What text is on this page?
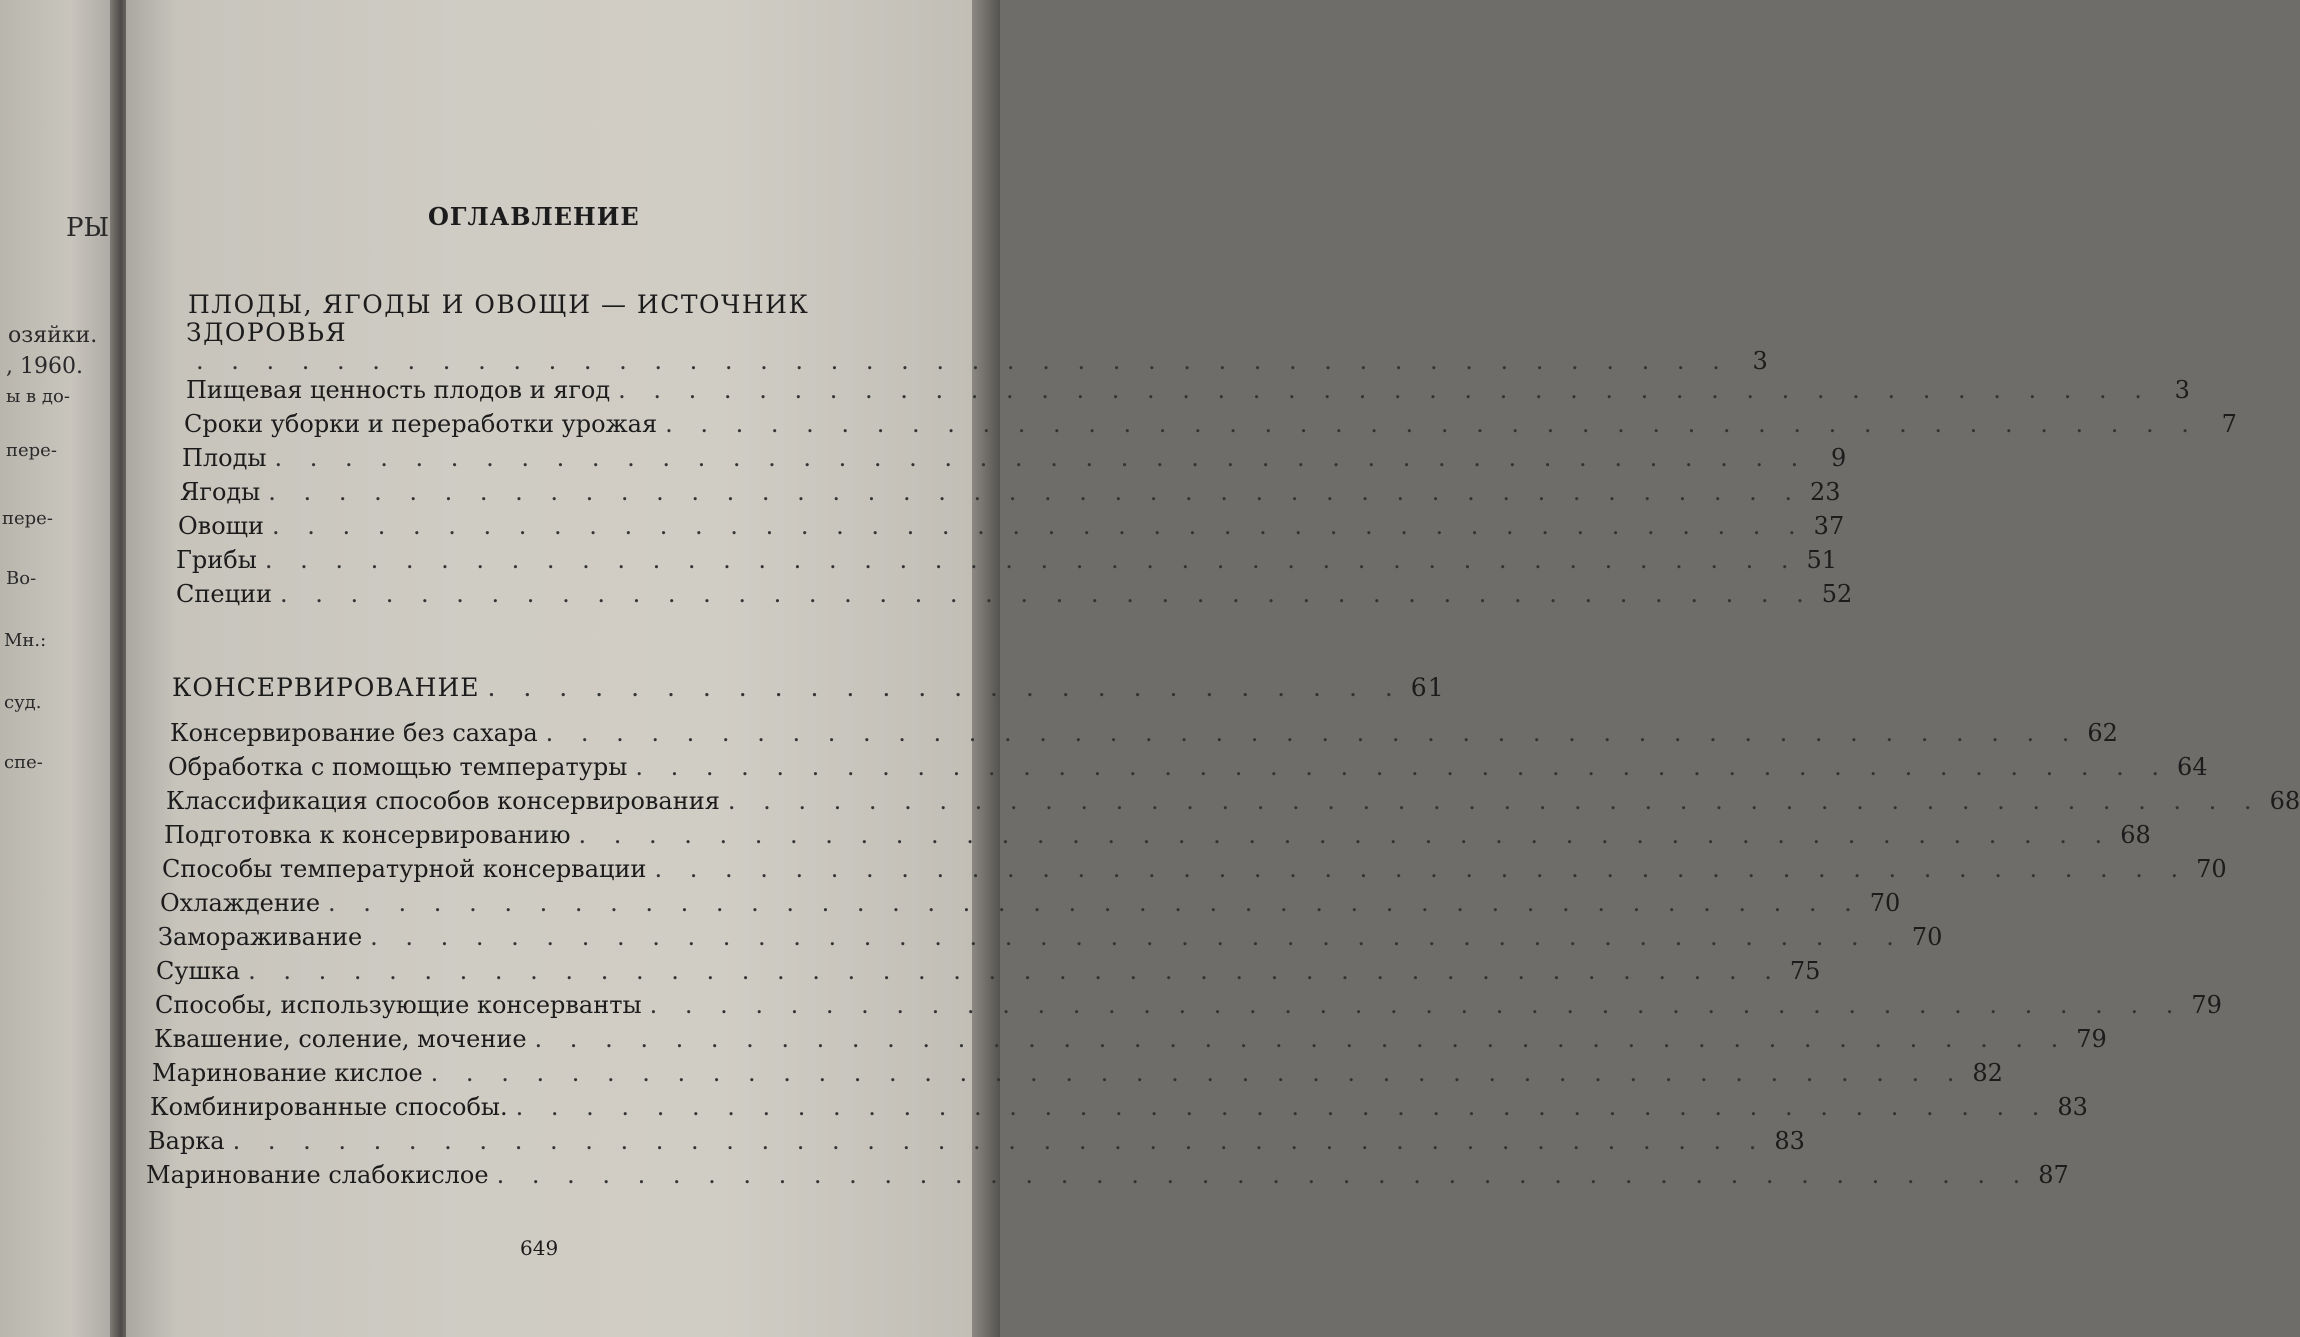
РЫ
озяйки.
, 1960.
ы в до-
пере-
пере-
Во-
Мн.:
суд.
спе-
ОГЛАВЛЕНИЕ
ПЛОДЫ, ЯГОДЫ И ОВОЩИ — ИСТОЧНИК
ЗДОРОВЬЯ
. . . . . . . . . . . . . . . . . . . . . . . . . . . . . . . . . . . . . . . . . . . . 3
Пищевая ценность плодов и ягод . . . . . . . . . . . . . . . . . . . . . . . . . . . . . . . . . . . . . . . . . . . . 3
Сроки уборки и переработки урожая . . . . . . . . . . . . . . . . . . . . . . . . . . . . . . . . . . . . . . . . . . . . 7
Плоды . . . . . . . . . . . . . . . . . . . . . . . . . . . . . . . . . . . . . . . . . . . . 9
Ягоды . . . . . . . . . . . . . . . . . . . . . . . . . . . . . . . . . . . . . . . . . . . . 23
Овощи . . . . . . . . . . . . . . . . . . . . . . . . . . . . . . . . . . . . . . . . . . . . 37
Грибы . . . . . . . . . . . . . . . . . . . . . . . . . . . . . . . . . . . . . . . . . . . . 51
Специи . . . . . . . . . . . . . . . . . . . . . . . . . . . . . . . . . . . . . . . . . . . . 52
КОНСЕРВИРОВАНИЕ . . . . . . . . . . . . . . . . . . . . . . . . . . 61
Консервирование без сахара . . . . . . . . . . . . . . . . . . . . . . . . . . . . . . . . . . . . . . . . . . . . 62
Обработка с помощью температуры . . . . . . . . . . . . . . . . . . . . . . . . . . . . . . . . . . . . . . . . . . . . 64
Классификация способов консервирования . . . . . . . . . . . . . . . . . . . . . . . . . . . . . . . . . . . . . . . . . . . . 68
Подготовка к консервированию . . . . . . . . . . . . . . . . . . . . . . . . . . . . . . . . . . . . . . . . . . . . 68
Способы температурной консервации . . . . . . . . . . . . . . . . . . . . . . . . . . . . . . . . . . . . . . . . . . . . 70
Охлаждение . . . . . . . . . . . . . . . . . . . . . . . . . . . . . . . . . . . . . . . . . . . . 70
Замораживание . . . . . . . . . . . . . . . . . . . . . . . . . . . . . . . . . . . . . . . . . . . . 70
Сушка . . . . . . . . . . . . . . . . . . . . . . . . . . . . . . . . . . . . . . . . . . . . 75
Способы, использующие консерванты . . . . . . . . . . . . . . . . . . . . . . . . . . . . . . . . . . . . . . . . . . . . 79
Квашение, соление, мочение . . . . . . . . . . . . . . . . . . . . . . . . . . . . . . . . . . . . . . . . . . . . 79
Маринование кислое . . . . . . . . . . . . . . . . . . . . . . . . . . . . . . . . . . . . . . . . . . . . 82
Комбинированные способы. . . . . . . . . . . . . . . . . . . . . . . . . . . . . . . . . . . . . . . . . . . . . 83
Варка . . . . . . . . . . . . . . . . . . . . . . . . . . . . . . . . . . . . . . . . . . . . 83
Маринование слабокислое . . . . . . . . . . . . . . . . . . . . . . . . . . . . . . . . . . . . . . . . . . . . 87
649
